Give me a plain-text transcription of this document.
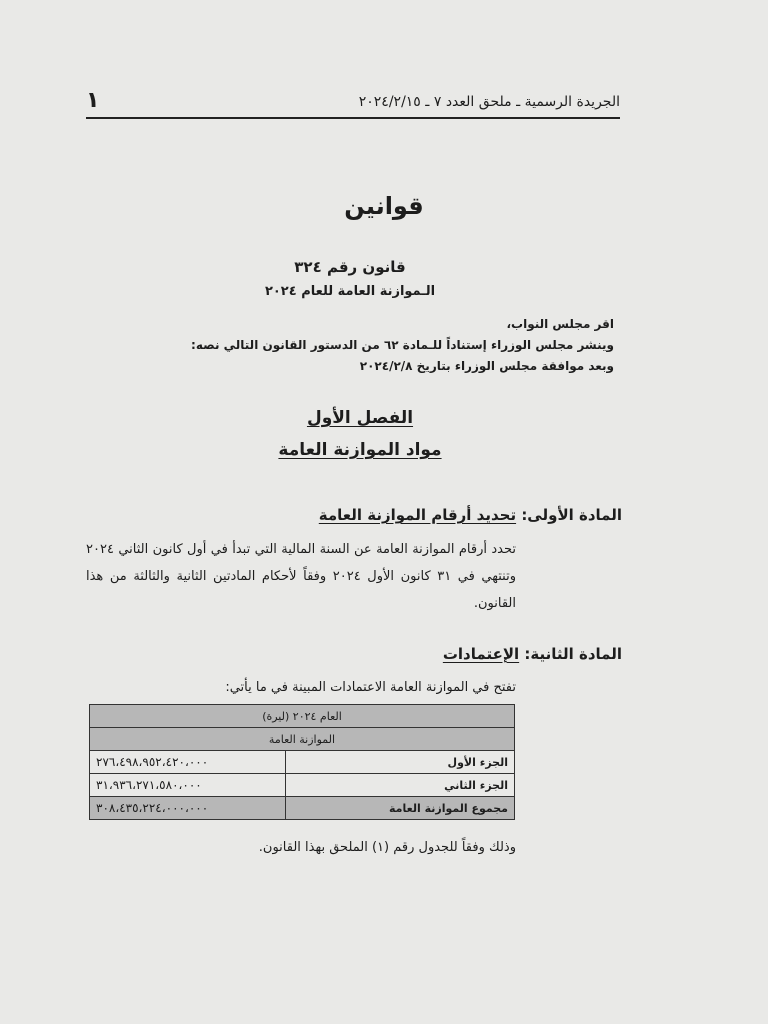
الجريدة الرسمية ـ ملحق العدد ٧ ـ ٢٠٢٤/٢/١٥
١
قوانين
قانون رقم ٣٢٤
الـموازنة العامة للعام ٢٠٢٤
اقر مجلس النواب،
وينشر مجلس الوزراء إستناداً للـمادة ٦٢ من الدستور القانون التالي نصه:
وبعد موافقة مجلس الوزراء بتاريخ ٢٠٢٤/٢/٨
الفصل الأول
مواد الموازنة العامة
المادة الأولى: تحديد أرقام الموازنة العامة
تحدد أرقام الموازنة العامة عن السنة المالية التي تبدأ في أول كانون الثاني ٢٠٢٤ وتنتهي في ٣١ كانون الأول ٢٠٢٤ وفقاً لأحكام المادتين الثانية والثالثة من هذا القانون.
المادة الثانية: الإعتمادات
تفتح في الموازنة العامة الاعتمادات المبينة في ما يأتي:
العام ٢٠٢٤ (ليرة)	
الموازنة العامة	
الجزء الأول	٢٧٦،٤٩٨،٩٥٢،٤٢٠،٠٠٠
الجزء الثاني	٣١،٩٣٦،٢٧١،٥٨٠،٠٠٠
مجموع الموازنة العامة	٣٠٨،٤٣٥،٢٢٤،٠٠٠،٠٠٠
وذلك وفقاً للجدول رقم (١) الملحق بهذا القانون.
